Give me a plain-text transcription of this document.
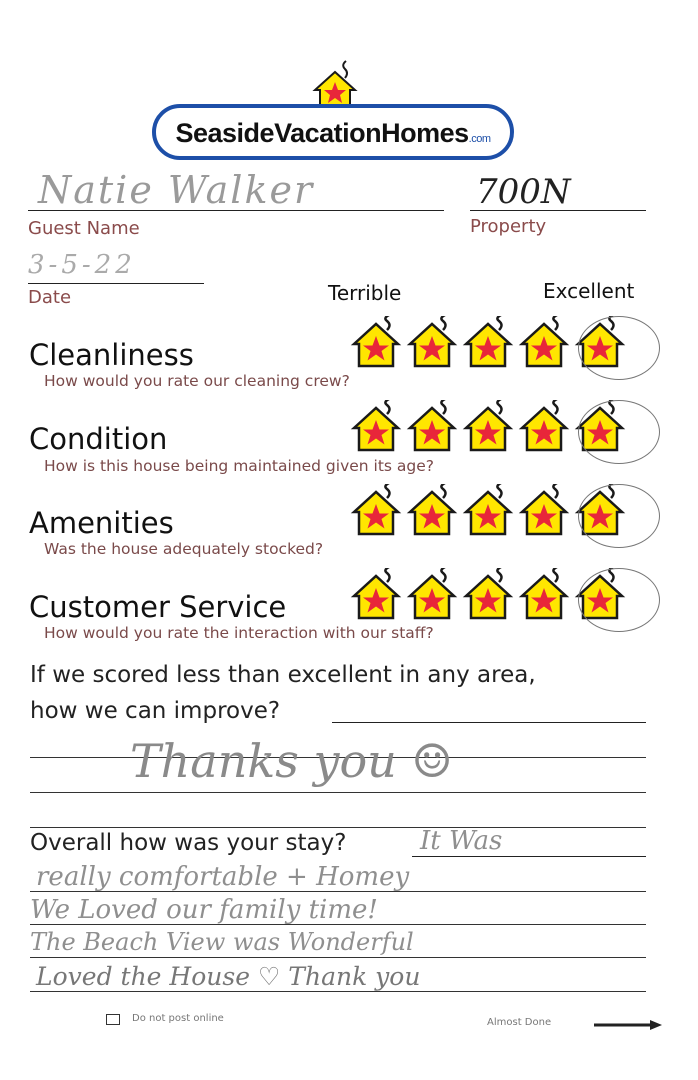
SeasideVacationHomes.com
Natie Walker
Guest Name
700N
Property
3-5-22
Date	Terrible	Excellent
Cleanliness
How would you rate our cleaning crew?
Condition
How is this house being maintained given its age?
Amenities
Was the house adequately stocked?
Customer Service
How would you rate the interaction with our staff?
If we scored less than excellent in any area,
how we can improve?
Thanks you ☺
Overall how was your stay?	It Was
really comfortable + Homey
We Loved our family time!
The Beach View was Wonderful
Loved the House ♡ Thank you
Do not post online	Almost Done
